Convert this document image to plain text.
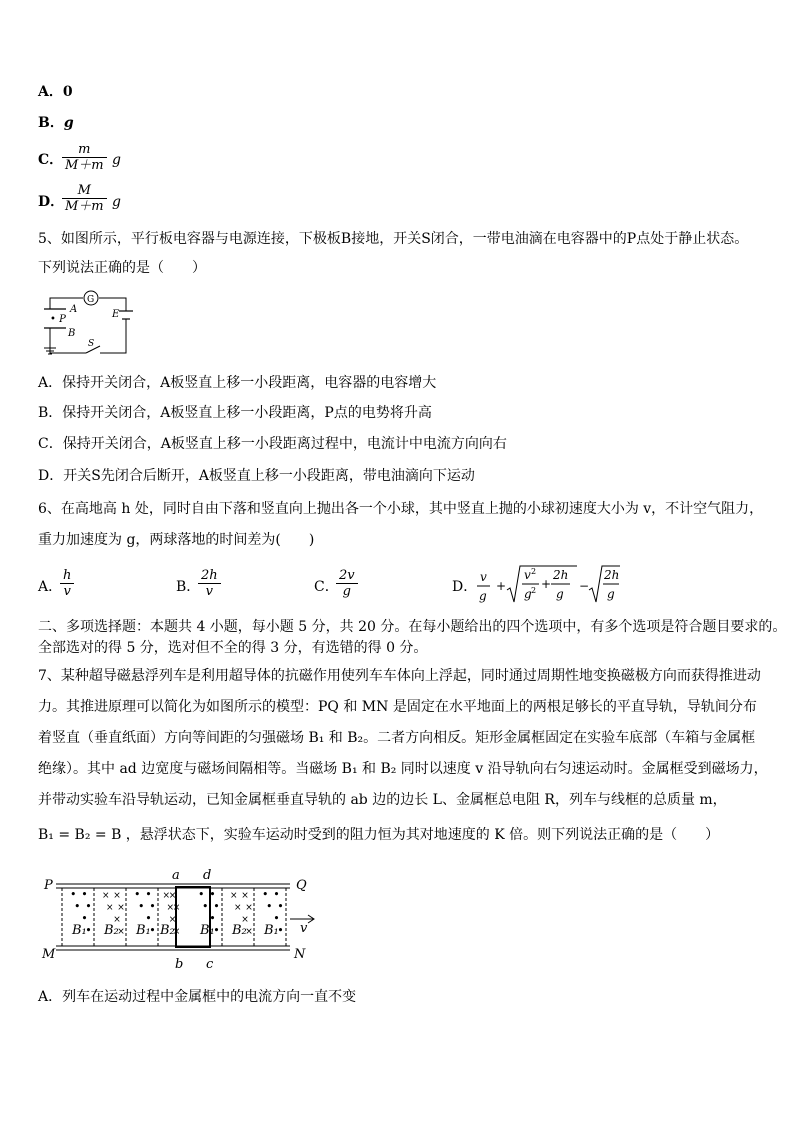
A．0
B．g
C．
$\frac{m}{M+m}$ g
D．
$\frac{M}{M+m}$ g
5、如图所示，平行板电容器与电源连接，下极板B接地，开关S闭合，一带电油滴在电容器中的P点处于静止状态。
下列说法正确的是（　　）
G
A
• P
B
E
S
A．保持开关闭合，A板竖直上移一小段距离，电容器的电容增大
B．保持开关闭合，A板竖直上移一小段距离，P点的电势将升高
C．保持开关闭合，A板竖直上移一小段距离过程中，电流计中电流方向向右
D．开关S先闭合后断开，A板竖直上移一小段距离，带电油滴向下运动
6、在高地高 h 处，同时自由下落和竖直向上抛出各一个小球，其中竖直上抛的小球初速度大小为 v，不计空气阻力，
重力加速度为 g，两球落地的时间差为(　　)
A．
$\frac{h}{v}$	B．
$\frac{2h}{v}$	C．
$\frac{2v}{g}$	D．
v
g
+
v 2
g 2 +
2h
g
−
2h
g
二、多项选择题：本题共 4 小题，每小题 5 分，共 20 分。在每小题给出的四个选项中，有多个选项是符合题目要求的。
全部选对的得 5 分，选对但不全的得 3 分，有选错的得 0 分。
7、某种超导磁悬浮列车是利用超导体的抗磁作用使列车车体向上浮起，同时通过周期性地变换磁极方向而获得推进动
力。其推进原理可以简化为如图所示的模型：PQ 和 MN 是固定在水平地面上的两根足够长的平直导轨，导轨间分布
着竖直（垂直纸面）方向等间距的匀强磁场 B₁ 和 B₂。二者方向相反。矩形金属框固定在实验车底部（车箱与金属框
绝缘）。其中 ad 边宽度与磁场间隔相等。当磁场 B₁ 和 B₂ 同时以速度 v 沿导轨向右匀速运动时。金属框受到磁场力，
并带动实验车沿导轨运动，已知金属框垂直导轨的 ab 边的边长 L、金属框总电阻 R，列车与线框的总质量 m，
B₁ = B₂ = B ，悬浮状态下，实验车运动时受到的阻力恒为其对地速度的 K 倍。则下列说法正确的是（　　）
• •
• •
•
•
B₁
× ×
× ×
×
×
B₂
• •
• •
•
•
B₁
×
×
×
×
×
×
B₂
• •
• •
•
•
B₁
× ×
× ×
×
×
B₂
• •
• •
•
•
B₁
P	Q
M	N
a d
b c
v
A．列车在运动过程中金属框中的电流方向一直不变
